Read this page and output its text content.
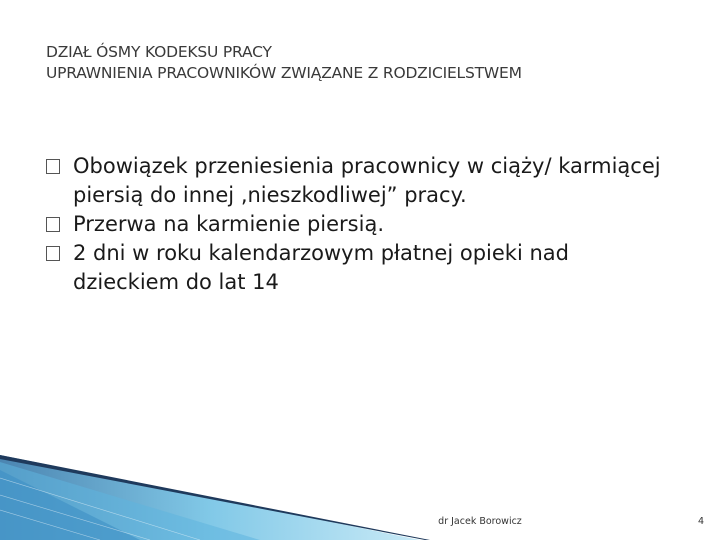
DZIAŁ ÓSMY KODEKSU PRACY
UPRAWNIENIA PRACOWNIKÓW ZWIĄZANE Z RODZICIELSTWEM
Obowiązek przeniesienia pracownicy w ciąży/ karmiącej piersią do innej ‚nieszkodliwej” pracy.
Przerwa na karmienie piersią.
2 dni w roku kalendarzowym płatnej opieki nad dzieckiem do lat 14
dr Jacek Borowicz	4
